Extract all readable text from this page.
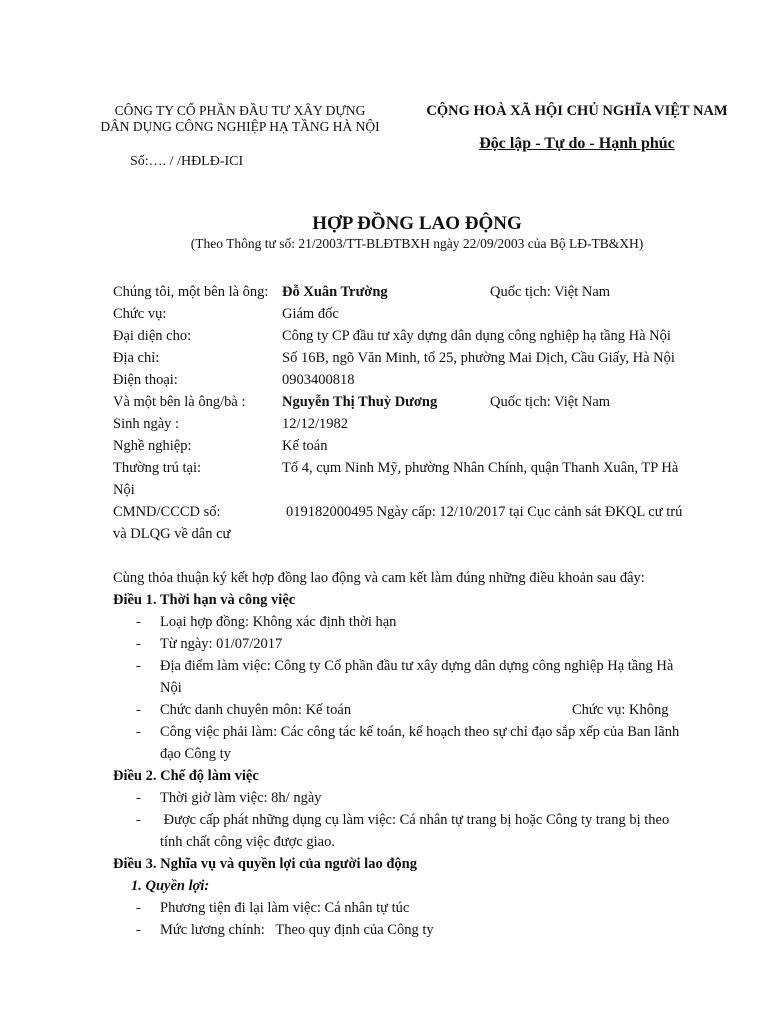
CÔNG TY CỔ PHẦN ĐẦU TƯ XÂY DỰNG
DÂN DỤNG CÔNG NGHIỆP HẠ TẦNG HÀ NỘI
Số:…. / /HĐLĐ-ICI
CỘNG HOÀ XÃ HỘI CHỦ NGHĨA VIỆT NAM
Độc lập - Tự do - Hạnh phúc
HỢP ĐỒNG LAO ĐỘNG
(Theo Thông tư số: 21/2003/TT-BLĐTBXH ngày 22/09/2003 của Bộ LĐ-TB&XH)
Chúng tôi, một bên là ông: Đỗ Xuân Trường	Quốc tịch: Việt Nam
Chức vụ:	Giám đốc
Đại diện cho:	Công ty CP đầu tư xây dựng dân dụng công nghiệp hạ tầng Hà Nội
Địa chỉ:	Số 16B, ngõ Văn Minh, tổ 25, phường Mai Dịch, Cầu Giấy, Hà Nội
Điện thoại:	0903400818
Và một bên là ông/bà :	Nguyễn Thị Thuỳ Dương	Quốc tịch: Việt Nam
Sinh ngày :	12/12/1982
Nghề nghiệp:	Kế toán
Thường trú tại:	Tổ 4, cụm Ninh Mỹ, phường Nhân Chính, quận Thanh Xuân, TP Hà
Nội
CMND/CCCD số:	019182000495 Ngày cấp: 12/10/2017 tại Cục cảnh sát ĐKQL cư trú
và DLQG về dân cư
Cùng thỏa thuận ký kết hợp đồng lao động và cam kết làm đúng những điều khoản sau đây:
Điều 1. Thời hạn và công việc
- Loại hợp đồng: Không xác định thời hạn
- Từ ngày: 01/07/2017
- Địa điểm làm việc: Công ty Cổ phần đầu tư xây dựng dân dựng công nghiệp Hạ tầng Hà
Nội
- Chức danh chuyên môn: Kế toán	Chức vụ: Không
- Công việc phải làm: Các công tác kế toán, kế hoạch theo sự chỉ đạo sắp xếp của Ban lãnh
đạo Công ty
Điều 2. Chế độ làm việc
- Thời giờ làm việc: 8h/ ngày
- Được cấp phát những dụng cụ làm việc: Cá nhân tự trang bị hoặc Công ty trang bị theo
tính chất công việc được giao.
Điều 3. Nghĩa vụ và quyền lợi của người lao động
1. Quyền lợi:
- Phương tiện đi lại làm việc: Cá nhân tự túc
- Mức lương chính:   Theo quy định của Công ty
